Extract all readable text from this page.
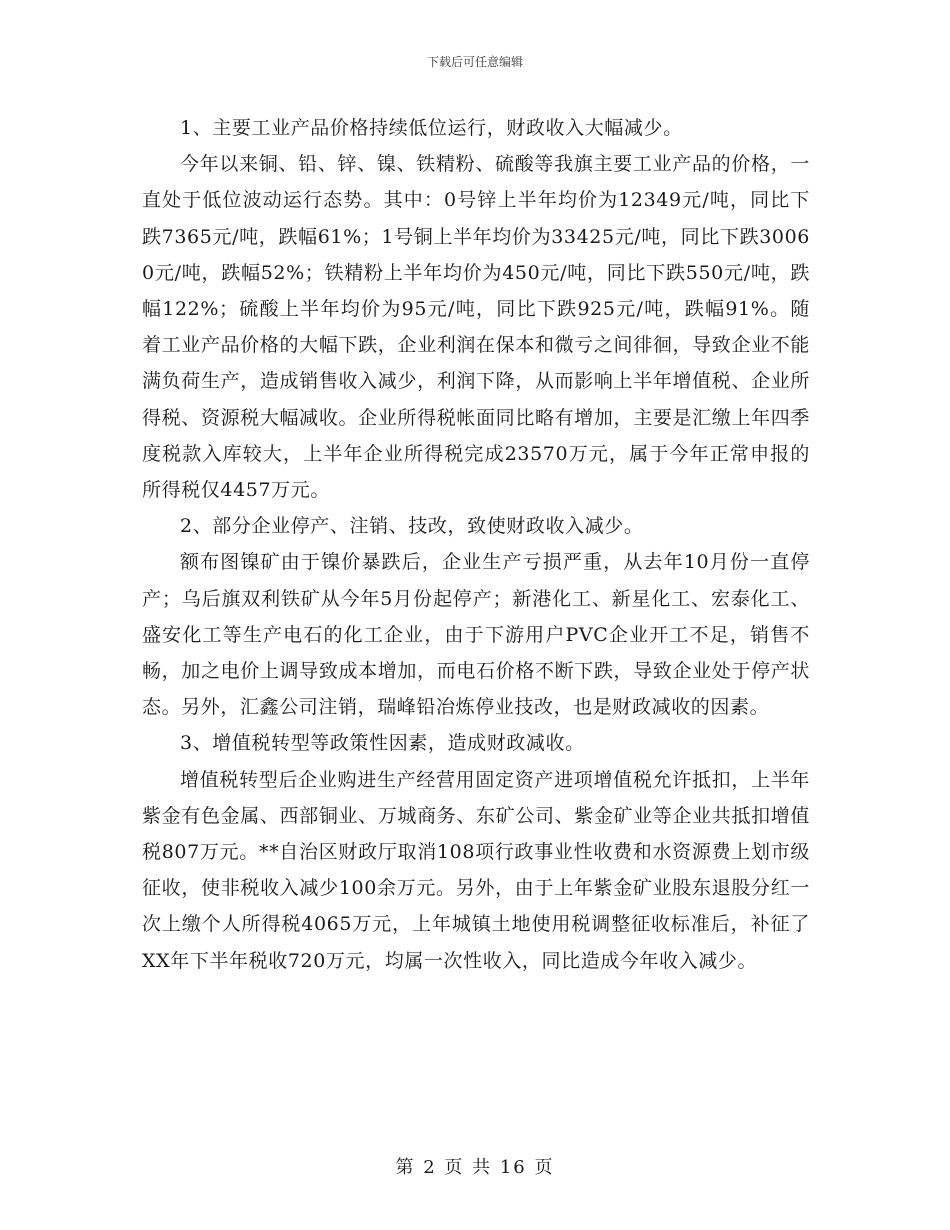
下载后可任意编辑

1、主要工业产品价格持续低位运行，财政收入大幅减少。

今年以来铜、铅、锌、镍、铁精粉、硫酸等我旗主要工业产品的价格，一直处于低位波动运行态势。其中：0号锌上半年均价为12349元/吨，同比下跌7365元/吨，跌幅61%；1号铜上半年均价为33425元/吨，同比下跌30060元/吨，跌幅52%；铁精粉上半年均价为450元/吨，同比下跌550元/吨，跌幅122%；硫酸上半年均价为95元/吨，同比下跌925元/吨，跌幅91%。随着工业产品价格的大幅下跌，企业利润在保本和微亏之间徘徊，导致企业不能满负荷生产，造成销售收入减少，利润下降，从而影响上半年增值税、企业所得税、资源税大幅减收。企业所得税帐面同比略有增加，主要是汇缴上年四季度税款入库较大，上半年企业所得税完成23570万元，属于今年正常申报的所得税仅4457万元。

2、部分企业停产、注销、技改，致使财政收入减少。

额布图镍矿由于镍价暴跌后，企业生产亏损严重，从去年10月份一直停产；乌后旗双利铁矿从今年5月份起停产；新港化工、新星化工、宏泰化工、盛安化工等生产电石的化工企业，由于下游用户PVC企业开工不足，销售不畅，加之电价上调导致成本增加，而电石价格不断下跌，导致企业处于停产状态。另外，汇鑫公司注销，瑞峰铅冶炼停业技改，也是财政减收的因素。

3、增值税转型等政策性因素，造成财政减收。

增值税转型后企业购进生产经营用固定资产进项增值税允许抵扣，上半年紫金有色金属、西部铜业、万城商务、东矿公司、紫金矿业等企业共抵扣增值税807万元。**自治区财政厅取消108项行政事业性收费和水资源费上划市级征收，使非税收入减少100余万元。另外，由于上年紫金矿业股东退股分红一次上缴个人所得税4065万元，上年城镇土地使用税调整征收标准后，补征了XX年下半年税收720万元，均属一次性收入，同比造成今年收入减少。

第 2 页 共 16 页
